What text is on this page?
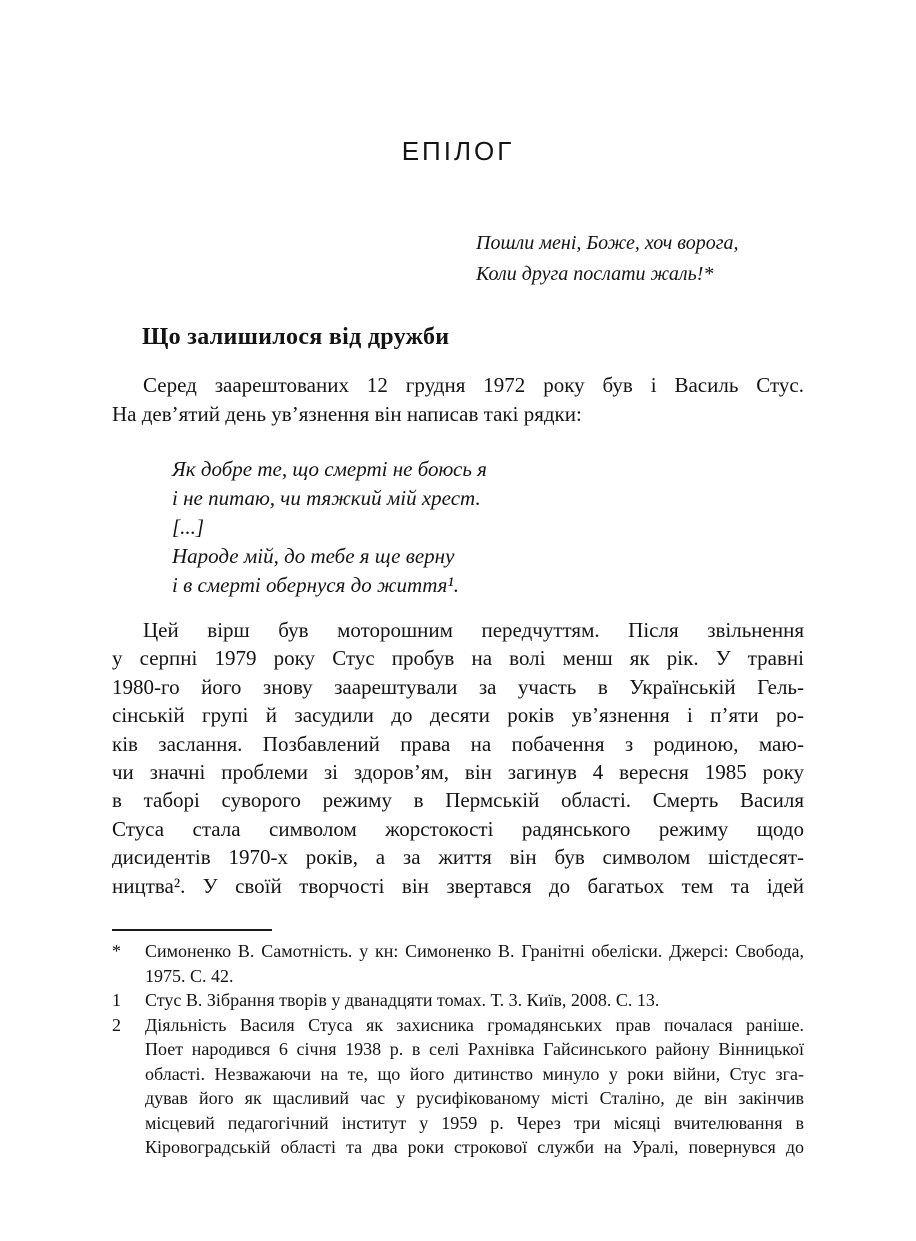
ЕПІЛОГ
Пошли мені, Боже, хоч ворога,
Коли друга послати жаль!*
Що залишилося від дружби
Серед заарештованих 12 грудня 1972 року був і Василь Стус.
На дев’ятий день ув’язнення він написав такі рядки:
Як добре те, що смерті не боюсь я
і не питаю, чи тяжкий мій хрест.
[...]
Народе мій, до тебе я ще верну
і в смерті обернуся до життя¹.
Цей вірш був моторошним передчуттям. Після звільнення
у серпні 1979 року Стус пробув на волі менш як рік. У травні
1980-го його знову заарештували за участь в Українській Гель-
сінській групі й засудили до десяти років ув’язнення і п’яти ро-
ків заслання. Позбавлений права на побачення з родиною, маю-
чи значні проблеми зі здоров’ям, він загинув 4 вересня 1985 року
в таборі суворого режиму в Пермській області. Смерть Василя
Стуса стала символом жорстокості радянського режиму щодо
дисидентів 1970-х років, а за життя він був символом шістдесят-
ництва². У своїй творчості він звертався до багатьох тем та ідей
* Симоненко В. Самотність. у кн: Симоненко В. Гранітні обеліски. Джерсі: Свобода,
1975. С. 42.
1 Стус В. Зібрання творів у дванадцяти томах. Т. 3. Київ, 2008. С. 13.
2 Діяльність Василя Стуса як захисника громадянських прав почалася раніше.
Поет народився 6 січня 1938 р. в селі Рахнівка Гайсинського району Вінницької
області. Незважаючи на те, що його дитинство минуло у роки війни, Стус зга-
дував його як щасливий час у русифікованому місті Сталіно, де він закінчив
місцевий педагогічний інститут у 1959 р. Через три місяці вчителювання в
Кіровоградській області та два роки строкової служби на Уралі, повернувся до
